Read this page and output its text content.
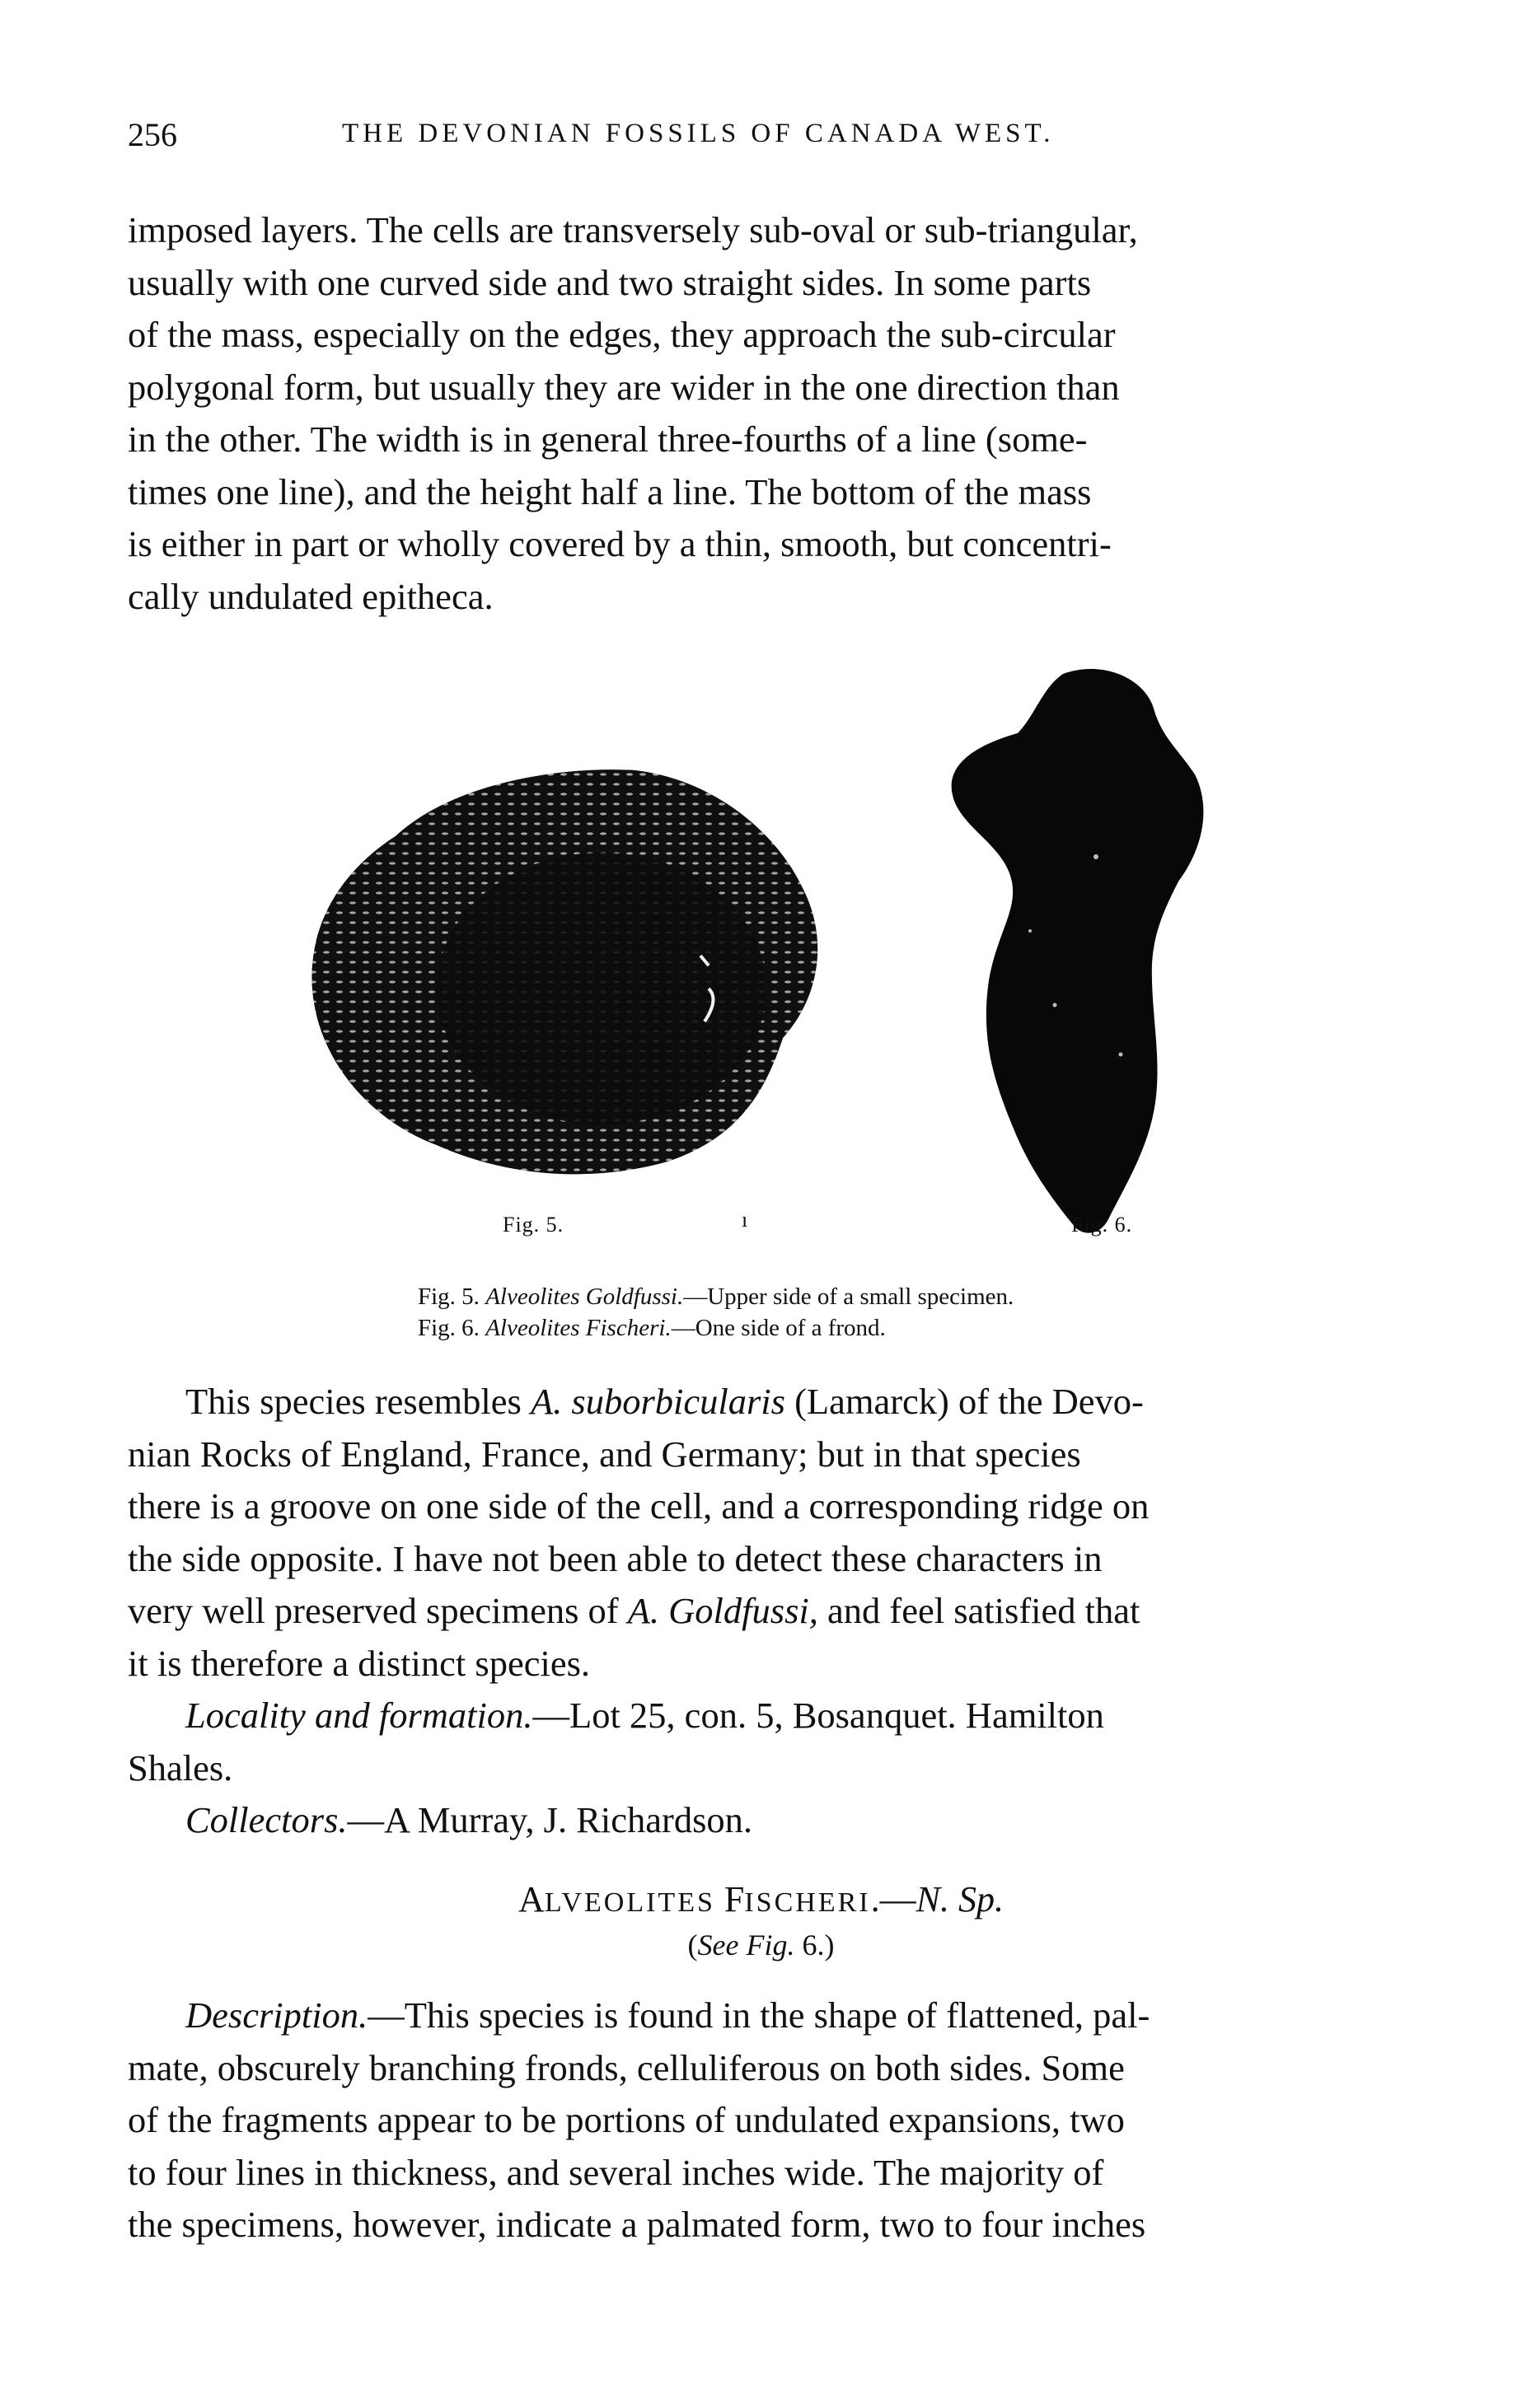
256	THE DEVONIAN FOSSILS OF CANADA WEST.

imposed layers. The cells are transversely sub-oval or sub-triangular,

usually with one curved side and two straight sides. In some parts

of the mass, especially on the edges, they approach the sub-circular

polygonal form, but usually they are wider in the one direction than

in the other. The width is in general three-fourths of a line (some-

times one line), and the height half a line. The bottom of the mass

is either in part or wholly covered by a thin, smooth, but concentri-

cally undulated epitheca.

Fig. 5.	ı	Fig. 6.
Fig. 5. Alveolites Goldfussi.—Upper side of a small specimen.
Fig. 6. Alveolites Fischeri.—One side of a frond.

This species resembles A. suborbicularis (Lamarck) of the Devo-

nian Rocks of England, France, and Germany; but in that species

there is a groove on one side of the cell, and a corresponding ridge on

the side opposite. I have not been able to detect these characters in

very well preserved specimens of A. Goldfussi, and feel satisfied that

it is therefore a distinct species.

Locality and formation.—Lot 25, con. 5, Bosanquet. Hamilton

Shales.

Collectors.—A Murray, J. Richardson.

ALVEOLITES FISCHERI.—N. Sp.
(See Fig. 6.)

Description.—This species is found in the shape of flattened, pal-

mate, obscurely branching fronds, celluliferous on both sides. Some

of the fragments appear to be portions of undulated expansions, two

to four lines in thickness, and several inches wide. The majority of

the specimens, however, indicate a palmated form, two to four inches
